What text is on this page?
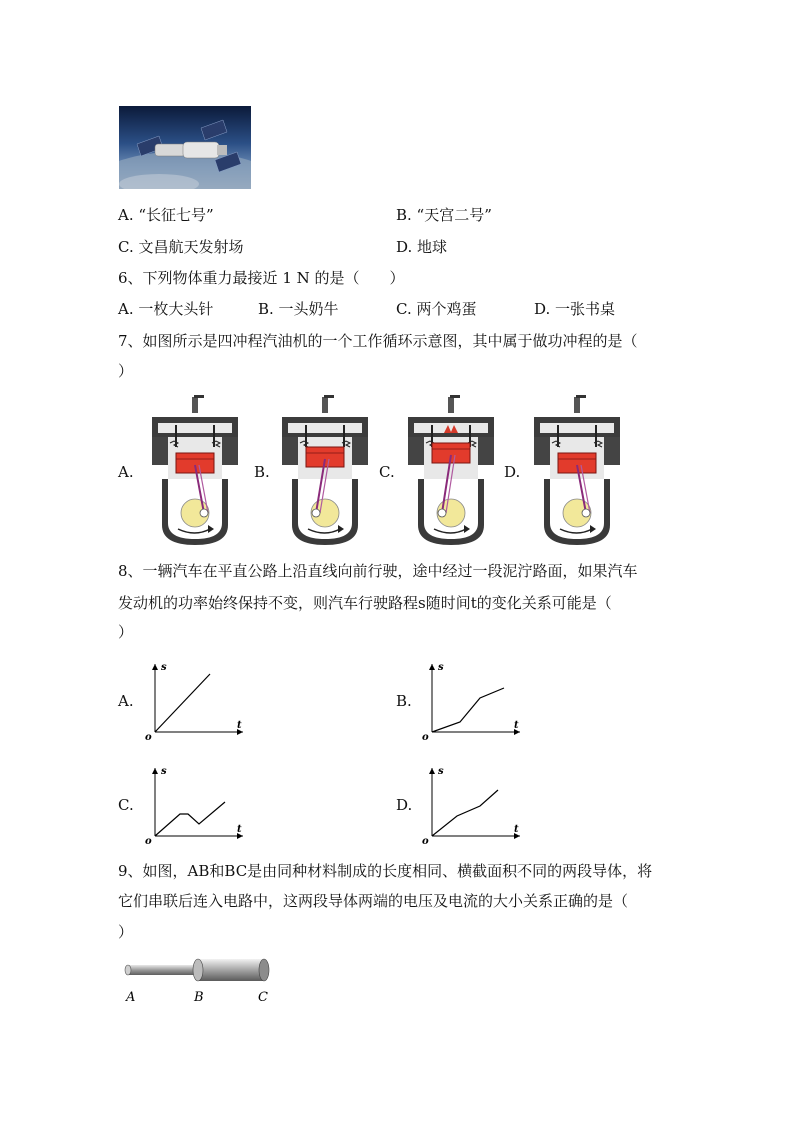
A. “长征七号”	B. “天宫二号”
C. 文昌航天发射场	D. 地球
6、下列物体重力最接近 1 N 的是（　　）
A. 一枚大头针	B. 一头奶牛	C. 两个鸡蛋	D. 一张书桌
7、如图所示是四冲程汽油机的一个工作循环示意图，其中属于做功冲程的是（
）
A.	B.	C.	D.
8、一辆汽车在平直公路上沿直线向前行驶，途中经过一段泥泞路面，如果汽车
发动机的功率始终保持不变，则汽车行驶路程s随时间t的变化关系可能是（
）
A.	B.
C.	D.
s
t
o
s
t
o
s
t
o
s
t
o
9、如图，AB和BC是由同种材料制成的长度相同、横截面积不同的两段导体，将
它们串联后连入电路中，这两段导体两端的电压及电流的大小关系正确的是（
）
A	B	C
